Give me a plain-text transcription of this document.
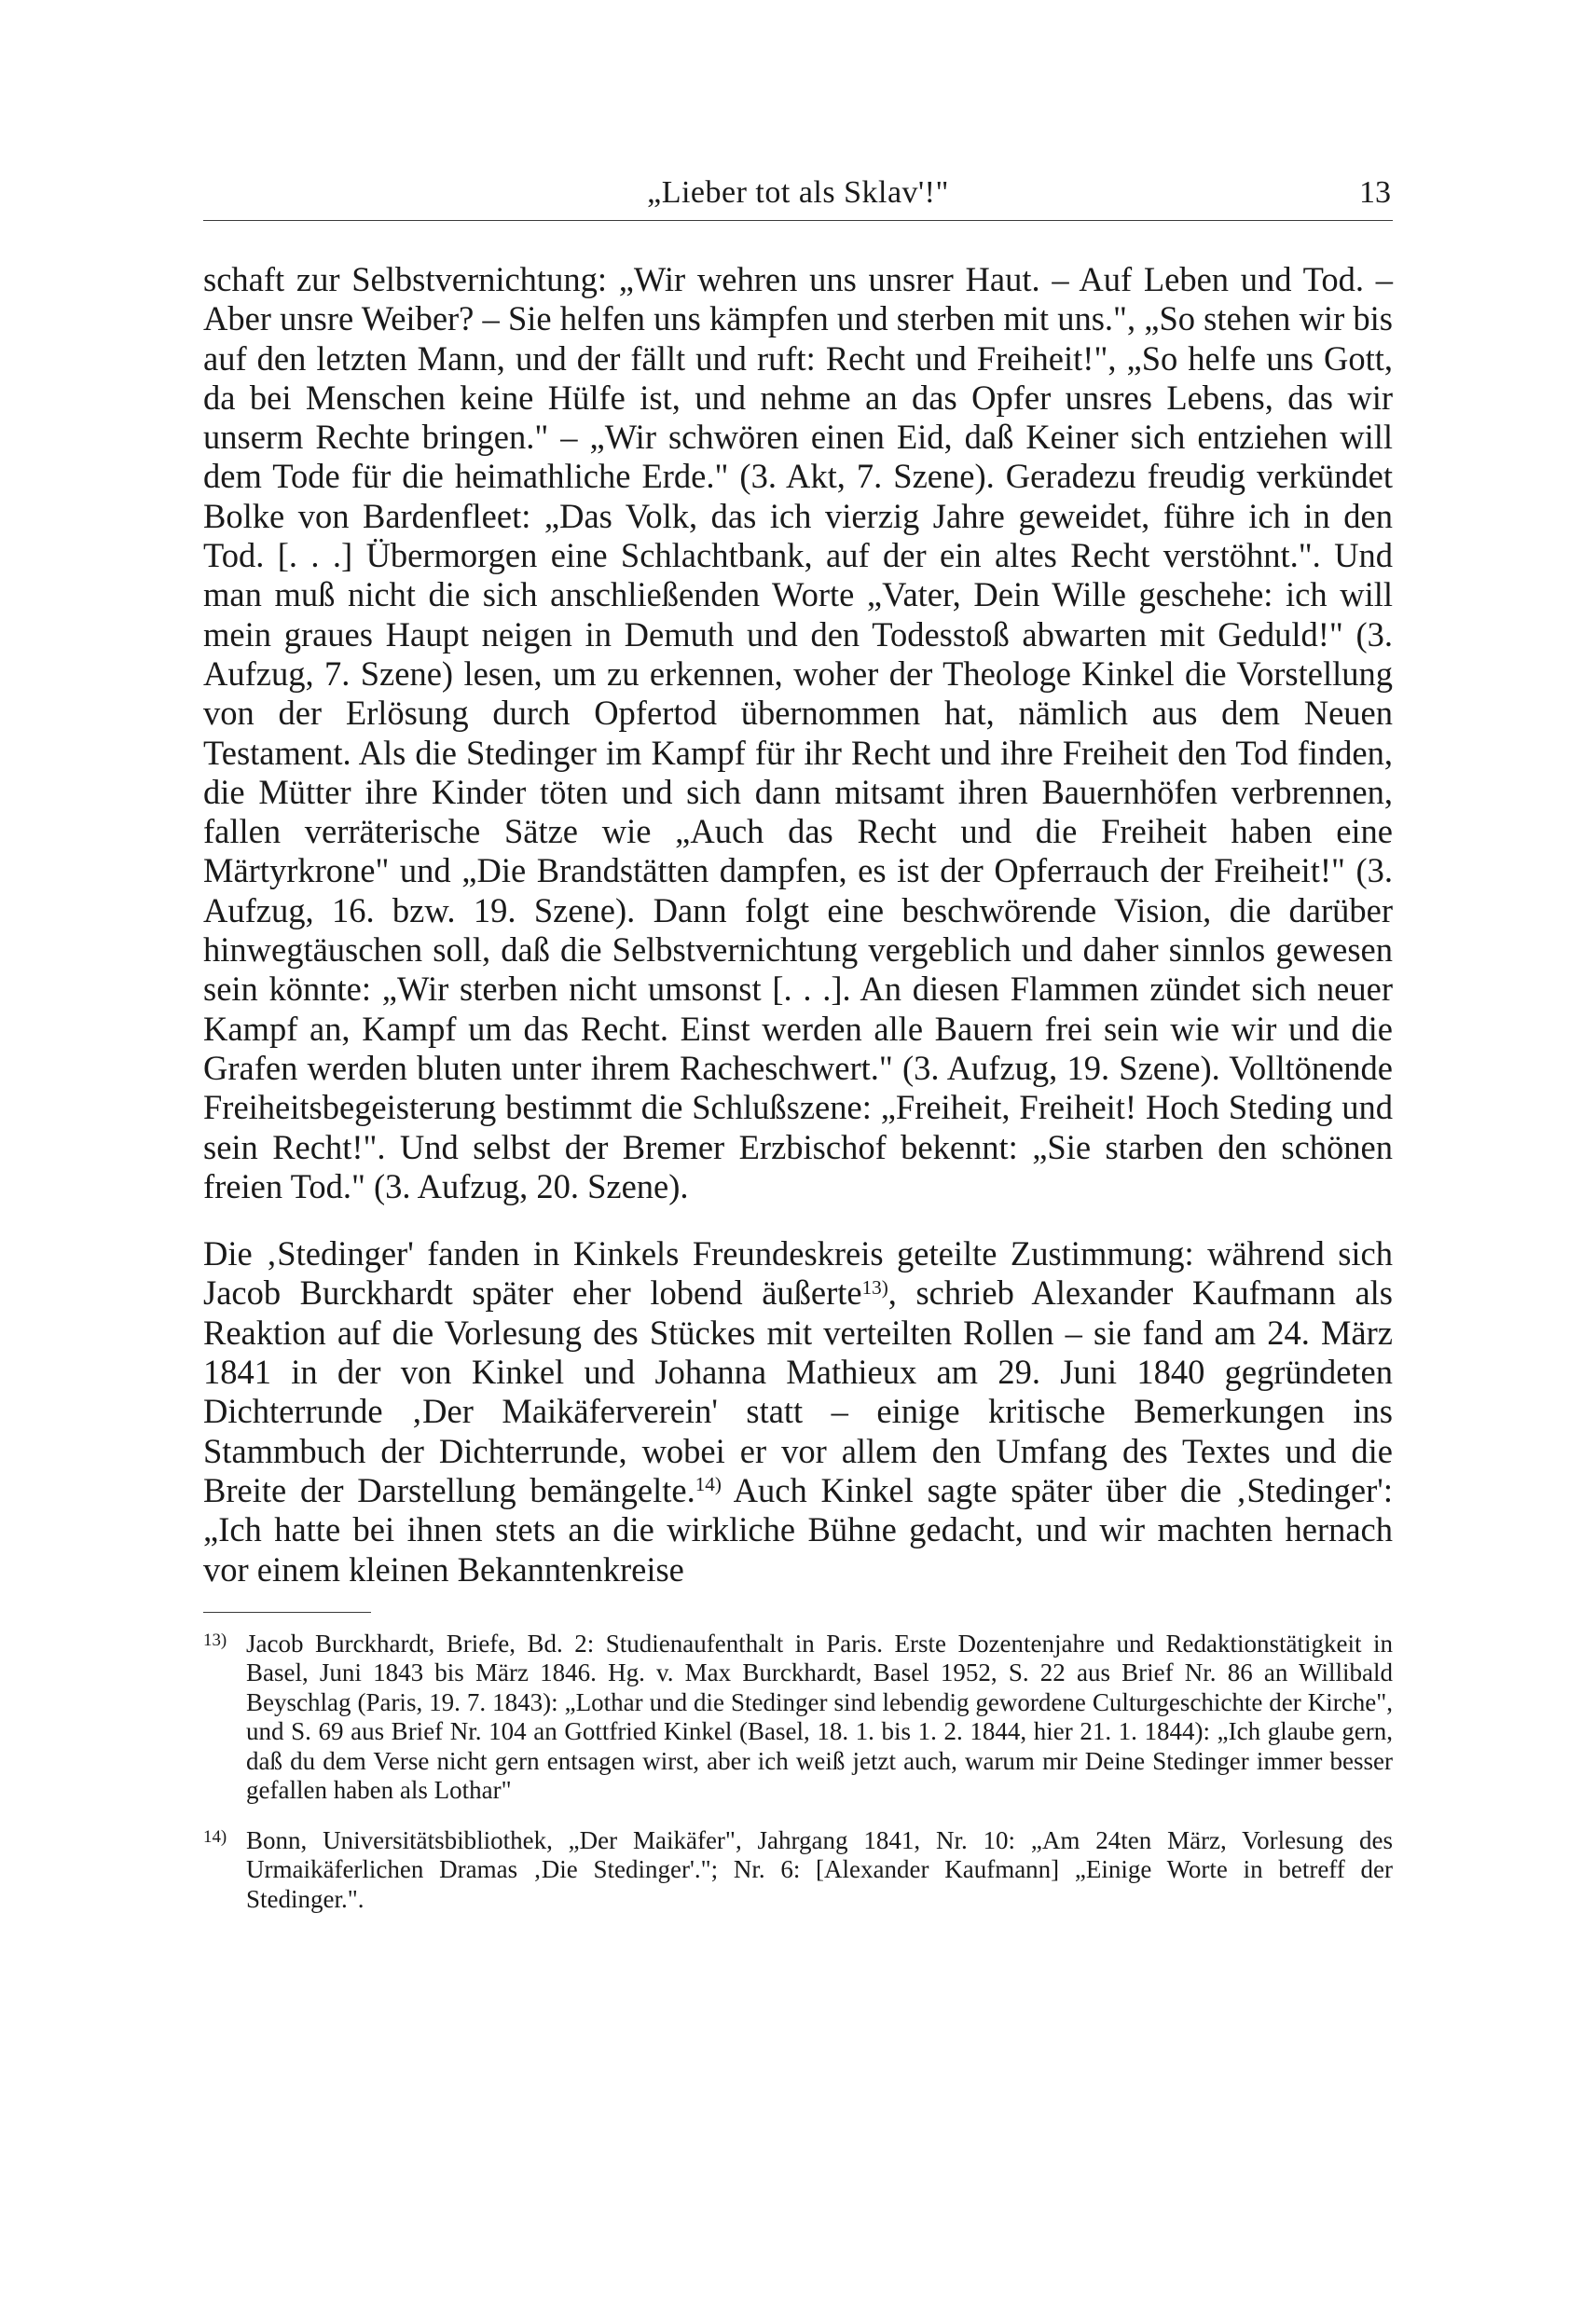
„Lieber tot als Sklav'!"	13

schaft zur Selbstvernichtung: „Wir wehren uns unsrer Haut. – Auf Leben und Tod. – Aber unsre Weiber? – Sie helfen uns kämpfen und sterben mit uns.", „So stehen wir bis auf den letzten Mann, und der fällt und ruft: Recht und Freiheit!", „So helfe uns Gott, da bei Menschen keine Hülfe ist, und nehme an das Opfer unsres Lebens, das wir unserm Rechte bringen." – „Wir schwören einen Eid, daß Keiner sich entziehen will dem Tode für die heimathliche Erde." (3. Akt, 7. Szene). Geradezu freudig verkündet Bolke von Bardenfleet: „Das Volk, das ich vierzig Jahre geweidet, führe ich in den Tod. [. . .] Übermorgen eine Schlachtbank, auf der ein altes Recht verstöhnt.". Und man muß nicht die sich anschließenden Worte „Vater, Dein Wille geschehe: ich will mein graues Haupt neigen in Demuth und den Todesstoß abwarten mit Geduld!" (3. Aufzug, 7. Szene) lesen, um zu erkennen, woher der Theologe Kinkel die Vorstellung von der Erlösung durch Opfertod übernommen hat, nämlich aus dem Neuen Testament. Als die Stedinger im Kampf für ihr Recht und ihre Freiheit den Tod finden, die Mütter ihre Kinder töten und sich dann mitsamt ihren Bauernhöfen verbrennen, fallen verräterische Sätze wie „Auch das Recht und die Freiheit haben eine Märtyrkrone" und „Die Brandstätten dampfen, es ist der Opferrauch der Freiheit!" (3. Aufzug, 16. bzw. 19. Szene). Dann folgt eine beschwörende Vision, die darüber hinwegtäuschen soll, daß die Selbstvernichtung vergeblich und daher sinnlos gewesen sein könnte: „Wir sterben nicht umsonst [. . .]. An diesen Flammen zündet sich neuer Kampf an, Kampf um das Recht. Einst werden alle Bauern frei sein wie wir und die Grafen werden bluten unter ihrem Racheschwert." (3. Aufzug, 19. Szene). Volltönende Freiheitsbegeisterung bestimmt die Schlußszene: „Freiheit, Freiheit! Hoch Steding und sein Recht!". Und selbst der Bremer Erzbischof bekennt: „Sie starben den schönen freien Tod." (3. Aufzug, 20. Szene).

Die ‚Stedinger' fanden in Kinkels Freundeskreis geteilte Zustimmung: während sich Jacob Burckhardt später eher lobend äußerte$^{13)}$, schrieb Alexander Kaufmann als Reaktion auf die Vorlesung des Stückes mit verteilten Rollen – sie fand am 24. März 1841 in der von Kinkel und Johanna Mathieux am 29. Juni 1840 gegründeten Dichterrunde ‚Der Maikäferverein' statt – einige kritische Bemerkungen ins Stammbuch der Dichterrunde, wobei er vor allem den Umfang des Textes und die Breite der Darstellung bemängelte.$^{14)}$ Auch Kinkel sagte später über die ‚Stedinger': „Ich hatte bei ihnen stets an die wirkliche Bühne gedacht, und wir machten hernach vor einem kleinen Bekanntenkreise

$^{13)}$ Jacob Burckhardt, Briefe, Bd. 2: Studienaufenthalt in Paris. Erste Dozentenjahre und Redaktionstätigkeit in Basel, Juni 1843 bis März 1846. Hg. v. Max Burckhardt, Basel 1952, S. 22 aus Brief Nr. 86 an Willibald Beyschlag (Paris, 19. 7. 1843): „Lothar und die Stedinger sind lebendig gewordene Culturgeschichte der Kirche", und S. 69 aus Brief Nr. 104 an Gottfried Kinkel (Basel, 18. 1. bis 1. 2. 1844, hier 21. 1. 1844): „Ich glaube gern, daß du dem Verse nicht gern entsagen wirst, aber ich weiß jetzt auch, warum mir Deine Stedinger immer besser gefallen haben als Lothar"
$^{14)}$ Bonn, Universitätsbibliothek, „Der Maikäfer", Jahrgang 1841, Nr. 10: „Am 24ten März, Vorlesung des Urmaikäferlichen Dramas ‚Die Stedinger'."; Nr. 6: [Alexander Kaufmann] „Einige Worte in betreff der Stedinger.".
